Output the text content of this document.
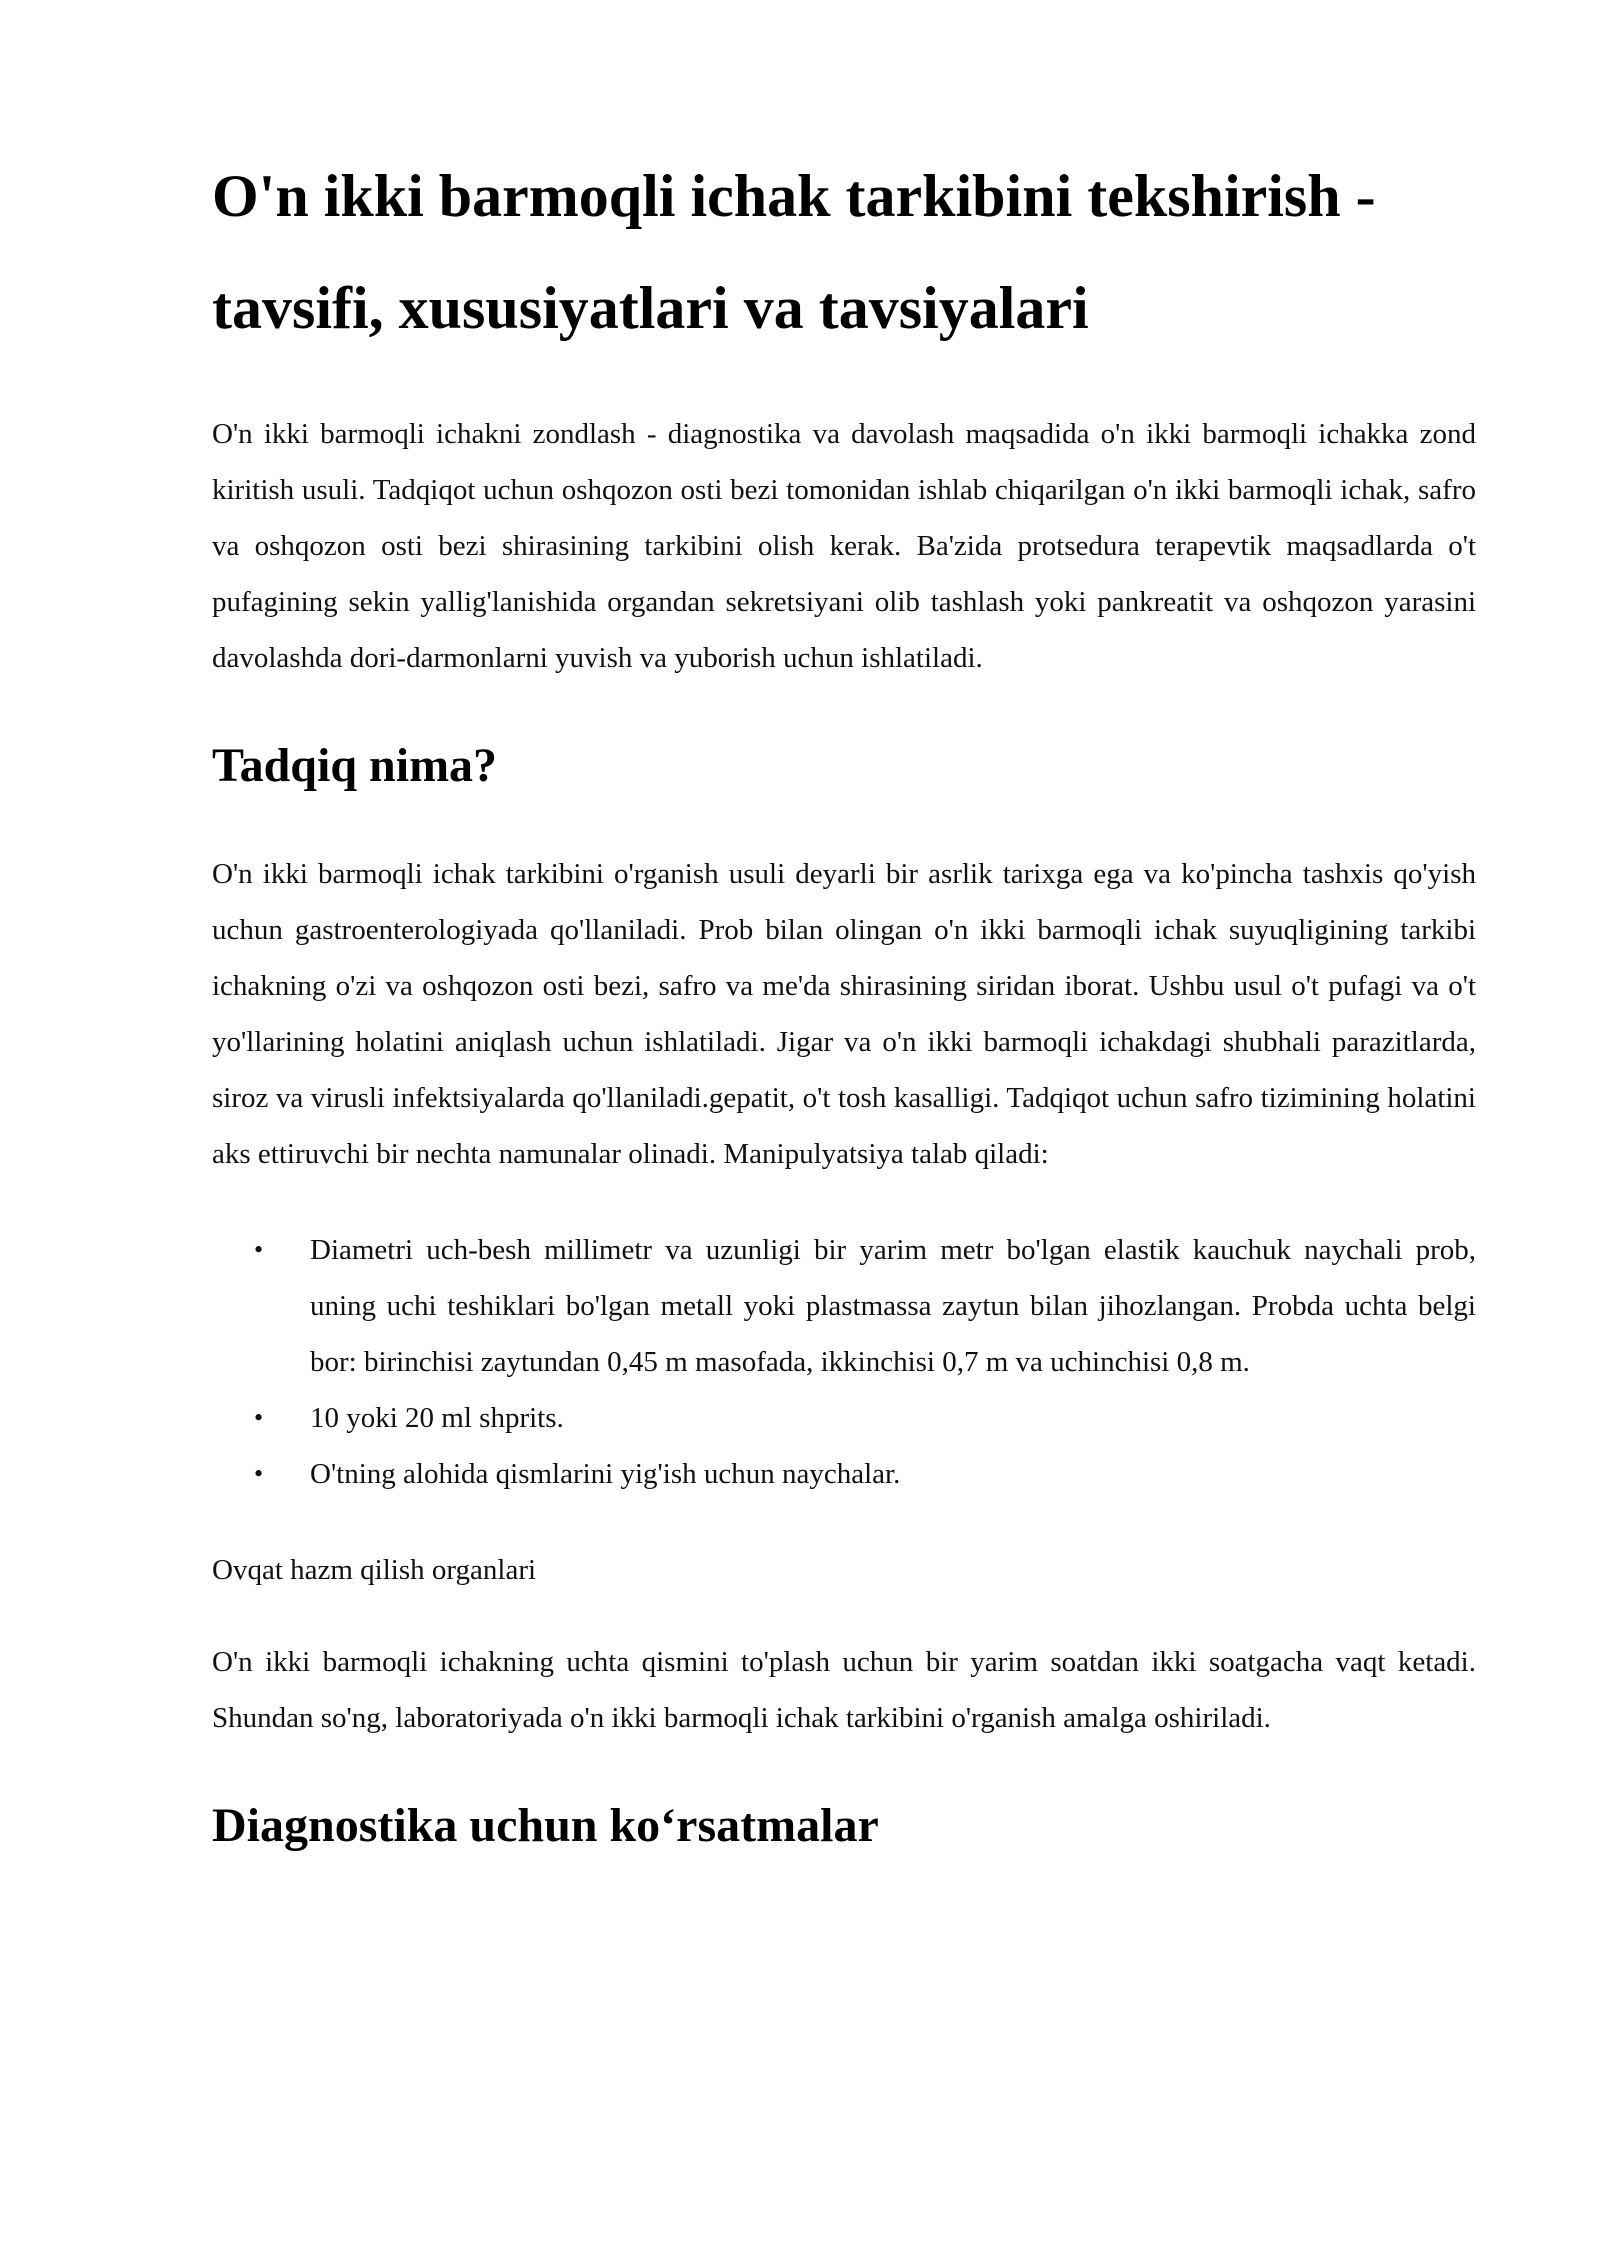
O'n ikki barmoqli ichak tarkibini tekshirish - tavsifi, xususiyatlari va tavsiyalari

O'n ikki barmoqli ichakni zondlash - diagnostika va davolash maqsadida o'n ikki barmoqli ichakka zond kiritish usuli. Tadqiqot uchun oshqozon osti bezi tomonidan ishlab chiqarilgan o'n ikki barmoqli ichak, safro va oshqozon osti bezi shirasining tarkibini olish kerak. Ba'zida protsedura terapevtik maqsadlarda o't pufagining sekin yallig'lanishida organdan sekretsiyani olib tashlash yoki pankreatit va oshqozon yarasini davolashda dori-darmonlarni yuvish va yuborish uchun ishlatiladi.

Tadqiq nima?

O'n ikki barmoqli ichak tarkibini o'rganish usuli deyarli bir asrlik tarixga ega va ko'pincha tashxis qo'yish uchun gastroenterologiyada qo'llaniladi. Prob bilan olingan o'n ikki barmoqli ichak suyuqligining tarkibi ichakning o'zi va oshqozon osti bezi, safro va me'da shirasining siridan iborat. Ushbu usul o't pufagi va o't yo'llarining holatini aniqlash uchun ishlatiladi. Jigar va o'n ikki barmoqli ichakdagi shubhali parazitlarda, siroz va virusli infektsiyalarda qo'llaniladi.gepatit, o't tosh kasalligi. Tadqiqot uchun safro tizimining holatini aks ettiruvchi bir nechta namunalar olinadi. Manipulyatsiya talab qiladi:

• Diametri uch-besh millimetr va uzunligi bir yarim metr bo'lgan elastik kauchuk naychali prob, uning uchi teshiklari bo'lgan metall yoki plastmassa zaytun bilan jihozlangan. Probda uchta belgi bor: birinchisi zaytundan 0,45 m masofada, ikkinchisi 0,7 m va uchinchisi 0,8 m.
• 10 yoki 20 ml shprits.
• O'tning alohida qismlarini yig'ish uchun naychalar.

Ovqat hazm qilish organlari

O'n ikki barmoqli ichakning uchta qismini to'plash uchun bir yarim soatdan ikki soatgacha vaqt ketadi. Shundan so'ng, laboratoriyada o'n ikki barmoqli ichak tarkibini o'rganish amalga oshiriladi.

Diagnostika uchun koʻrsatmalar
